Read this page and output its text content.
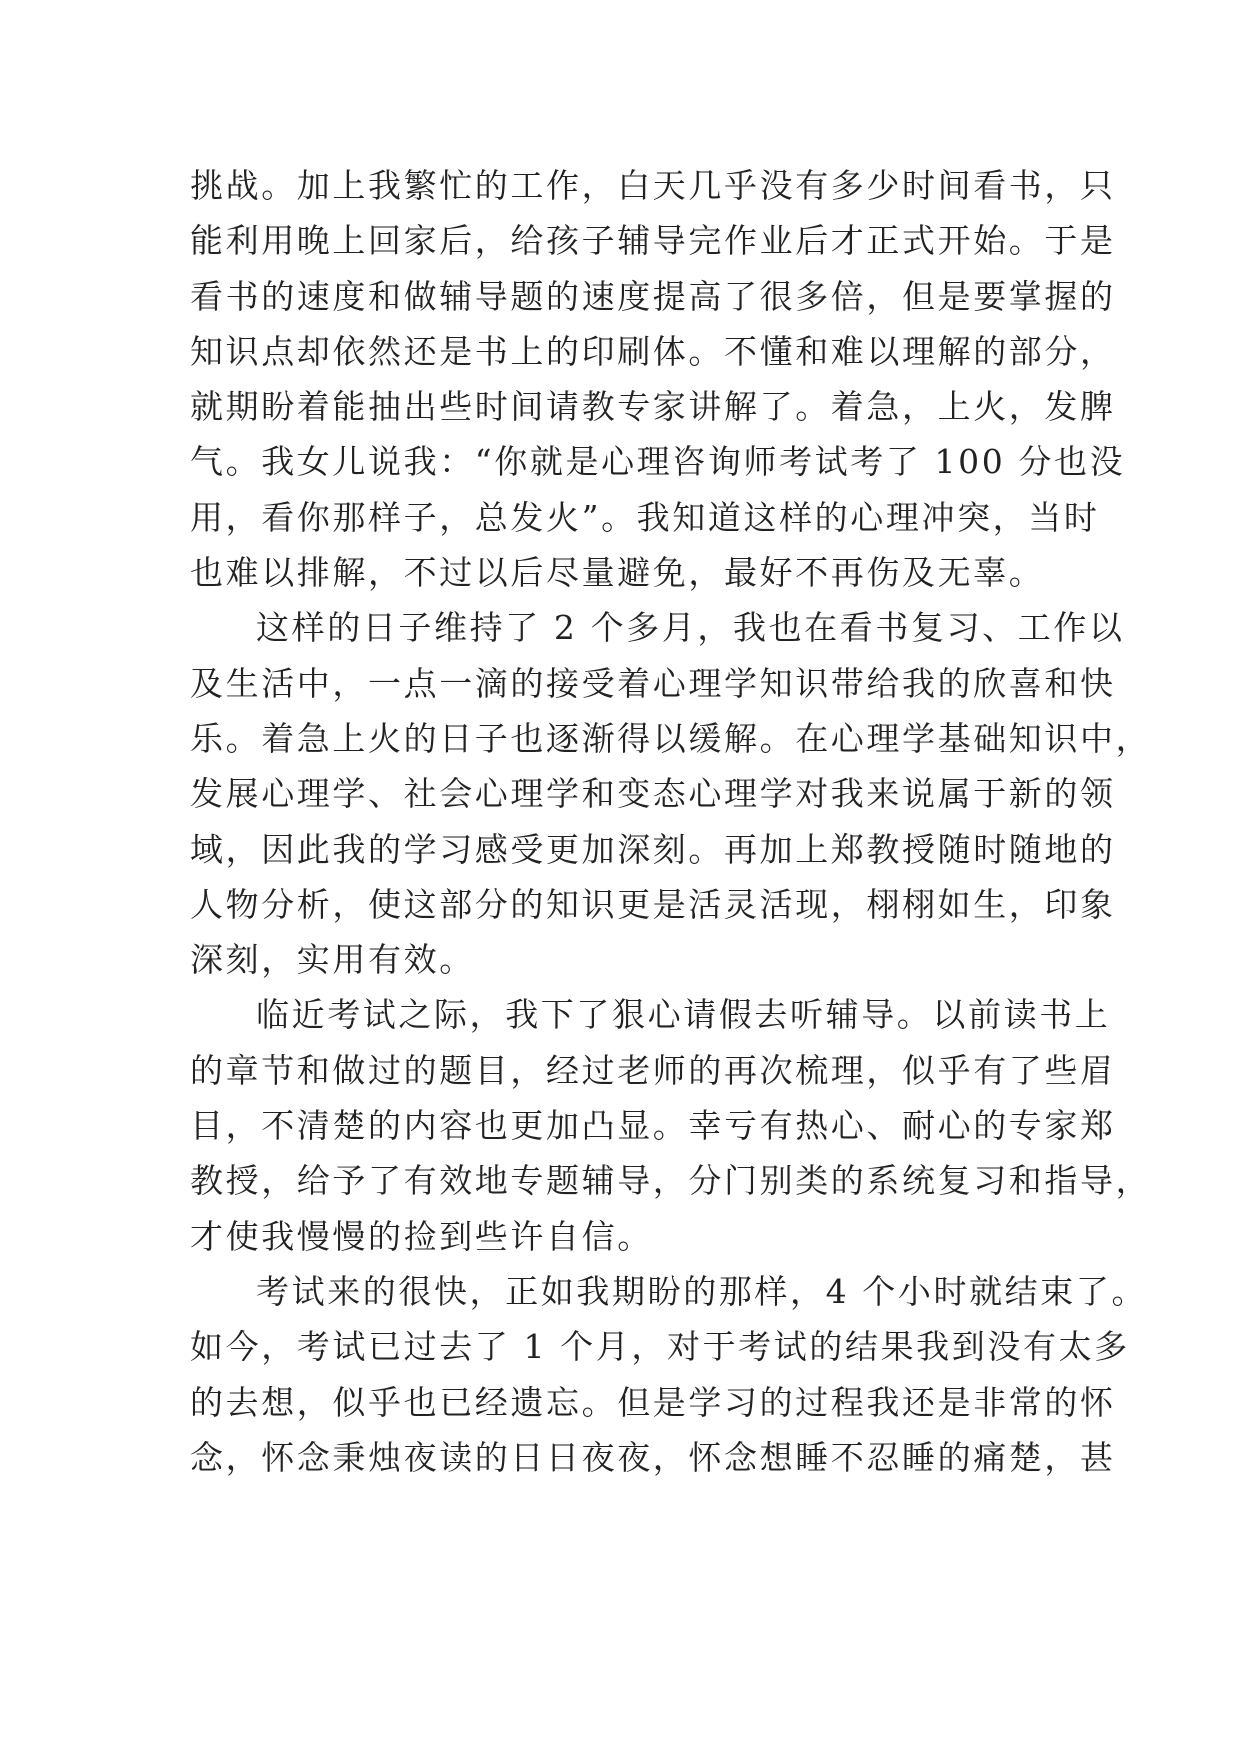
挑战。加上我繁忙的工作，白天几乎没有多少时间看书，只
能利用晚上回家后，给孩子辅导完作业后才正式开始。于是
看书的速度和做辅导题的速度提高了很多倍，但是要掌握的
知识点却依然还是书上的印刷体。不懂和难以理解的部分，
就期盼着能抽出些时间请教专家讲解了。着急，上火，发脾
气。我女儿说我：“你就是心理咨询师考试考了 100 分也没
用，看你那样子，总发火”。我知道这样的心理冲突，当时
也难以排解，不过以后尽量避免，最好不再伤及无辜。
这样的日子维持了 2 个多月，我也在看书复习、工作以
及生活中，一点一滴的接受着心理学知识带给我的欣喜和快
乐。着急上火的日子也逐渐得以缓解。在心理学基础知识中，
发展心理学、社会心理学和变态心理学对我来说属于新的领
域，因此我的学习感受更加深刻。再加上郑教授随时随地的
人物分析，使这部分的知识更是活灵活现，栩栩如生，印象
深刻，实用有效。
临近考试之际，我下了狠心请假去听辅导。以前读书上
的章节和做过的题目，经过老师的再次梳理，似乎有了些眉
目，不清楚的内容也更加凸显。幸亏有热心、耐心的专家郑
教授，给予了有效地专题辅导，分门别类的系统复习和指导，
才使我慢慢的捡到些许自信。
考试来的很快，正如我期盼的那样，4 个小时就结束了。
如今，考试已过去了 1 个月，对于考试的结果我到没有太多
的去想，似乎也已经遗忘。但是学习的过程我还是非常的怀
念，怀念秉烛夜读的日日夜夜，怀念想睡不忍睡的痛楚，甚
